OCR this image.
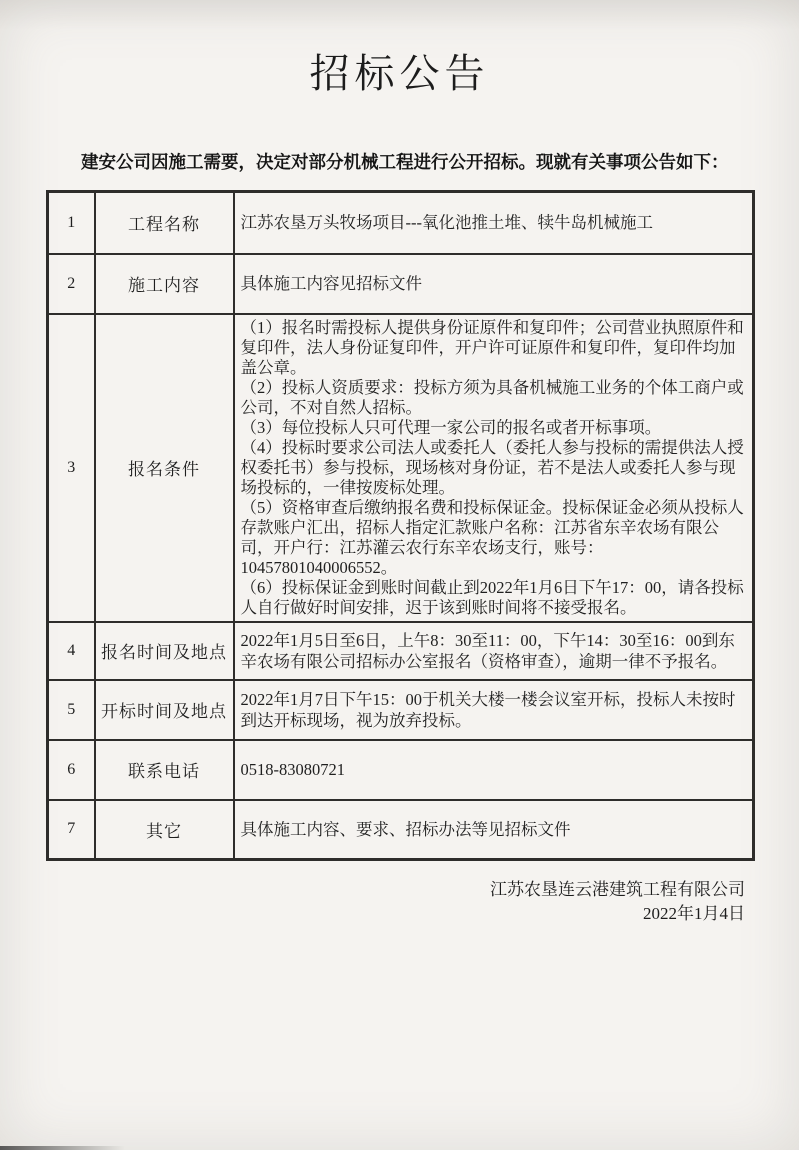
招标公告

建安公司因施工需要，决定对部分机械工程进行公开招标。现就有关事项公告如下：

1	工程名称	江苏农垦万头牧场项目---氧化池推土堆、犊牛岛机械施工

2	施工内容	具体施工内容见招标文件

3	报名条件	

（1）报名时需投标人提供身份证原件和复印件；公司营业执照原件和复印件，法人身份证复印件，开户许可证原件和复印件，复印件均加盖公章。

（2）投标人资质要求：投标方须为具备机械施工业务的个体工商户或公司，不对自然人招标。

（3）每位投标人只可代理一家公司的报名或者开标事项。

（4）投标时要求公司法人或委托人（委托人参与投标的需提供法人授权委托书）参与投标，现场核对身份证，若不是法人或委托人参与现场投标的，一律按废标处理。

（5）资格审查后缴纳报名费和投标保证金。投标保证金必须从投标人存款账户汇出，招标人指定汇款账户名称：江苏省东辛农场有限公司，开户行：江苏灌云农行东辛农场支行，账号：10457801040006552。

（6）投标保证金到账时间截止到2022年1月6日下午17：00，请各投标人自行做好时间安排，迟于该到账时间将不接受报名。

4	报名时间及地点	2022年1月5日至6日，上午8：30至11：00，下午14：30至16：00到东辛农场有限公司招标办公室报名（资格审查），逾期一律不予报名。

5	开标时间及地点	2022年1月7日下午15：00于机关大楼一楼会议室开标，投标人未按时到达开标现场，视为放弃投标。

6	联系电话	0518-83080721

7	其它	具体施工内容、要求、招标办法等见招标文件

江苏农垦连云港建筑工程有限公司
2022年1月4日
